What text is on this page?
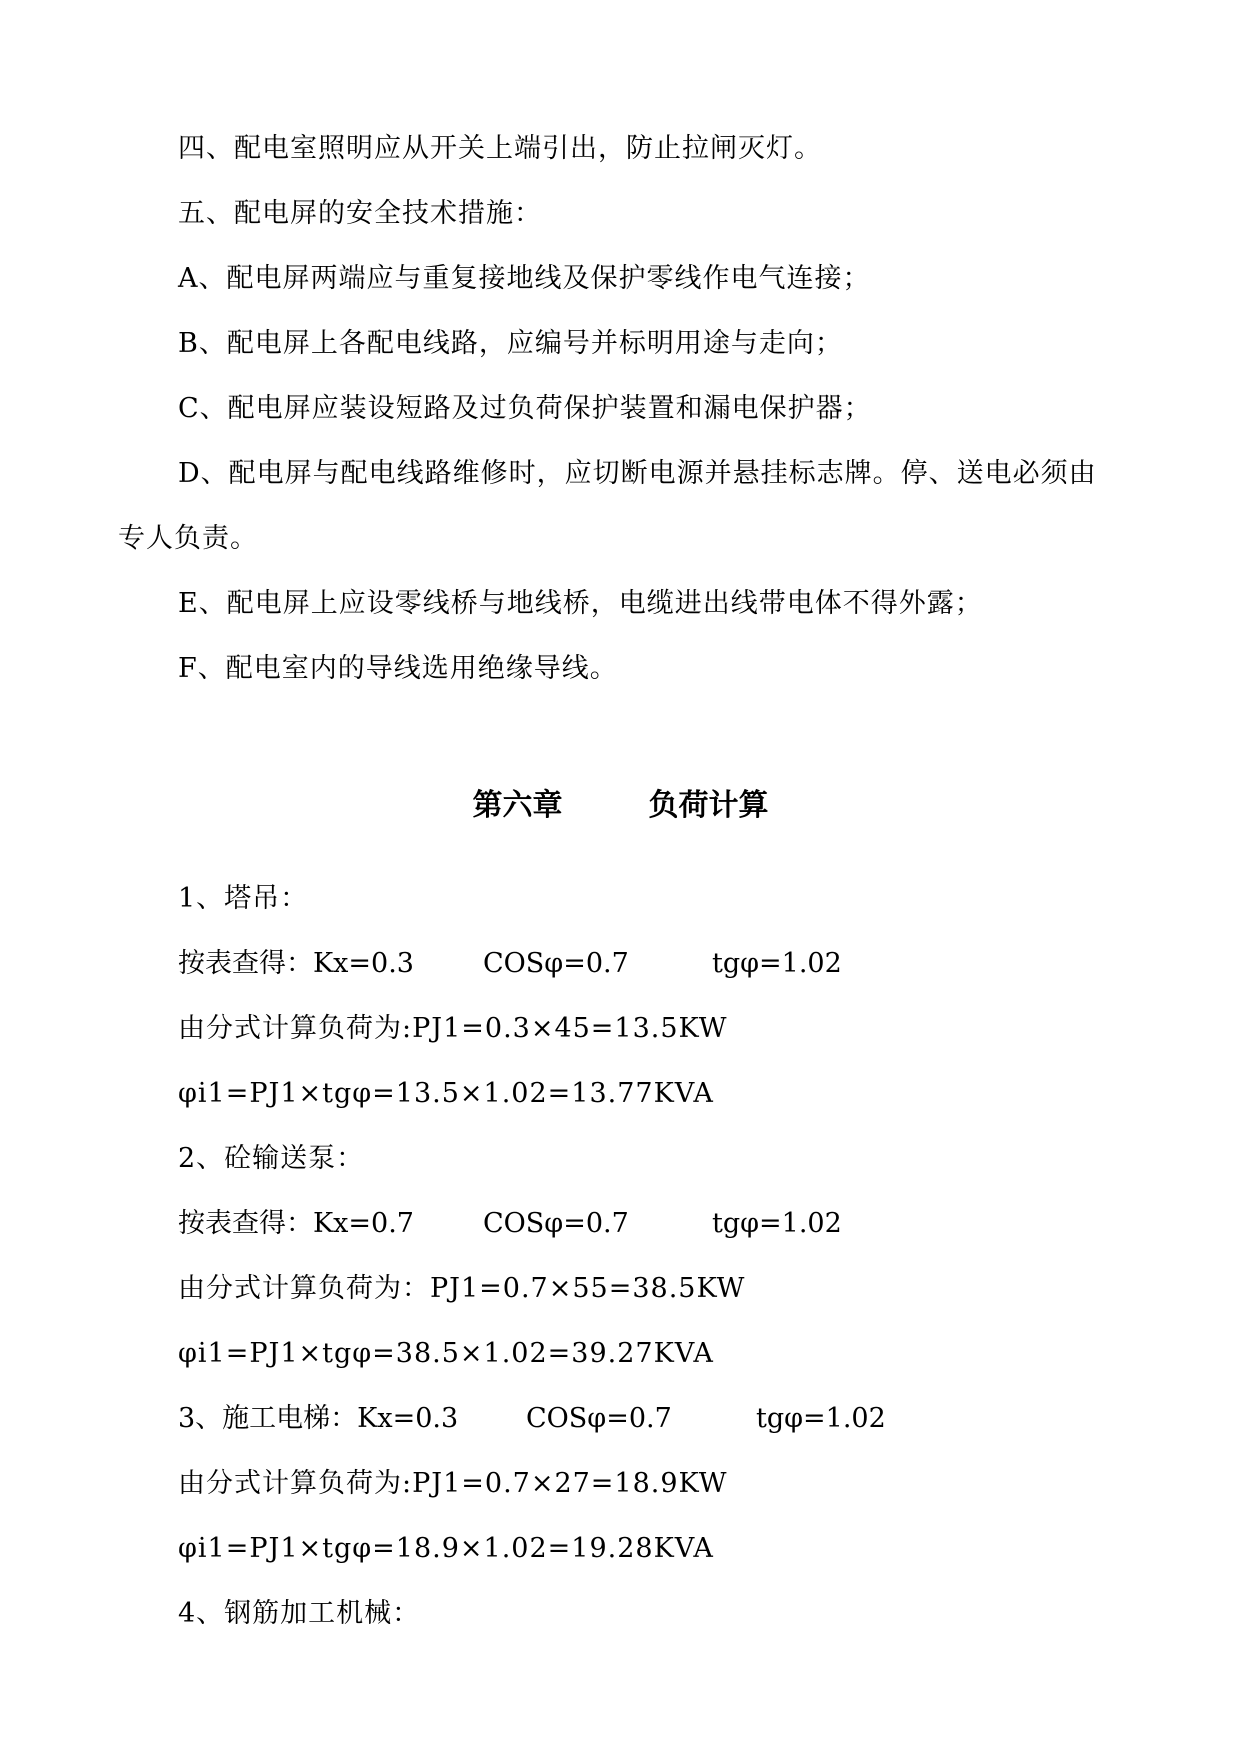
四、配电室照明应从开关上端引出，防止拉闸灭灯。
五、配电屏的安全技术措施：
A、配电屏两端应与重复接地线及保护零线作电气连接；
B、配电屏上各配电线路，应编号并标明用途与走向；
C、配电屏应装设短路及过负荷保护装置和漏电保护器；
D、配电屏与配电线路维修时，应切断电源并悬挂标志牌。停、送电必须由
专人负责。
E、配电屏上应设零线桥与地线桥，电缆进出线带电体不得外露；
F、配电室内的导线选用绝缘导线。
第六章	负荷计算
1、塔吊：
按表查得：Kx=0.3	COSφ=0.7	tgφ=1.02
由分式计算负荷为:PJ1=0.3×45=13.5KW
φi1=PJ1×tgφ=13.5×1.02=13.77KVA
2、砼输送泵：
按表查得：Kx=0.7	COSφ=0.7	tgφ=1.02
由分式计算负荷为：PJ1=0.7×55=38.5KW
φi1=PJ1×tgφ=38.5×1.02=39.27KVA
3、施工电梯：Kx=0.3	COSφ=0.7	tgφ=1.02
由分式计算负荷为:PJ1=0.7×27=18.9KW
φi1=PJ1×tgφ=18.9×1.02=19.28KVA
4、钢筋加工机械：
